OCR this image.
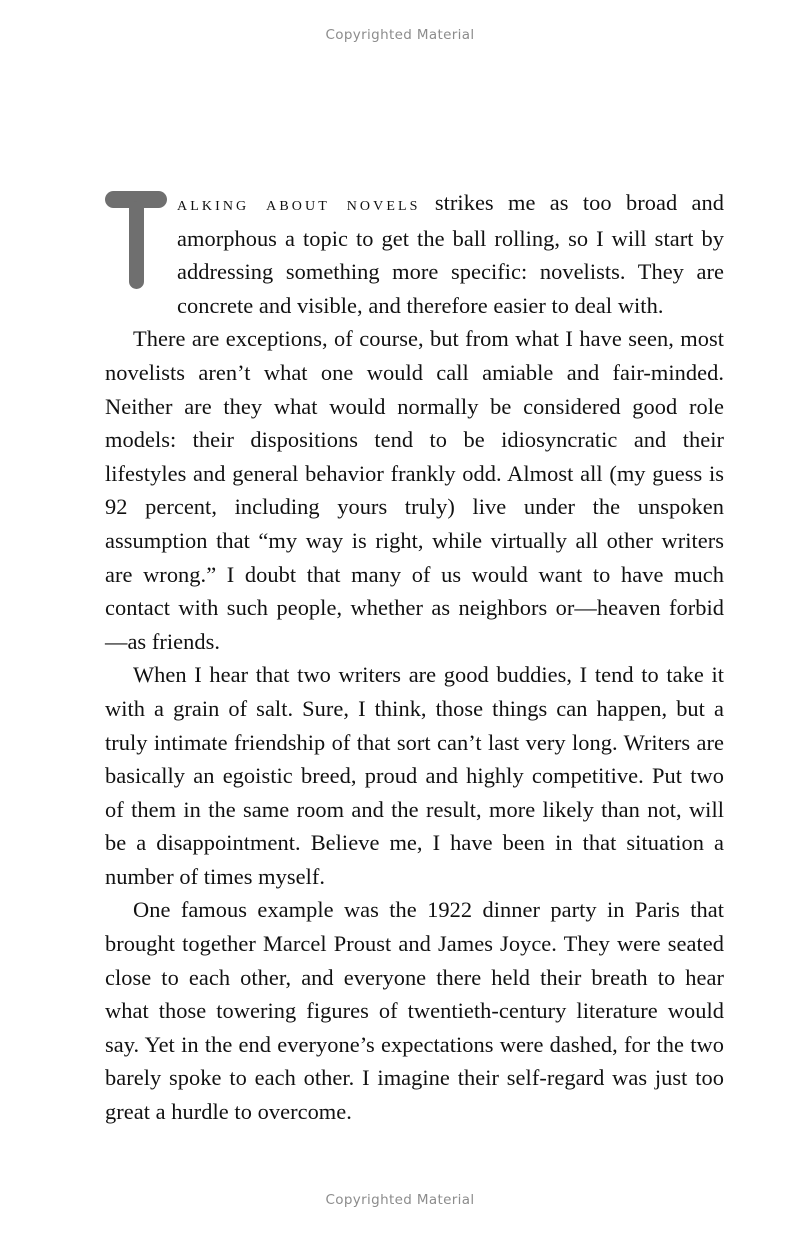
Copyrighted Material

alking about novels strikes me as too broad and amorphous a topic to get the ball rolling, so I will start by addressing something more specific: novelists. They are concrete and visible, and therefore easier to deal with.

There are exceptions, of course, but from what I have seen, most novelists aren’t what one would call amiable and fair-minded. Neither are they what would normally be considered good role models: their dispositions tend to be idiosyncratic and their lifestyles and general behavior frankly odd. Almost all (my guess is 92 percent, including yours truly) live under the unspoken assumption that “my way is right, while virtually all other writers are wrong.” I doubt that many of us would want to have much contact with such people, whether as neighbors or—heaven forbid—as friends.

When I hear that two writers are good buddies, I tend to take it with a grain of salt. Sure, I think, those things can happen, but a truly intimate friendship of that sort can’t last very long. Writers are basically an egoistic breed, proud and highly competitive. Put two of them in the same room and the result, more likely than not, will be a disappointment. Believe me, I have been in that situation a number of times myself.

One famous example was the 1922 dinner party in Paris that brought together Marcel Proust and James Joyce. They were seated close to each other, and everyone there held their breath to hear what those towering figures of twentieth-century literature would say. Yet in the end everyone’s expectations were dashed, for the two barely spoke to each other. I imagine their self-regard was just too great a hurdle to overcome.

Copyrighted Material
